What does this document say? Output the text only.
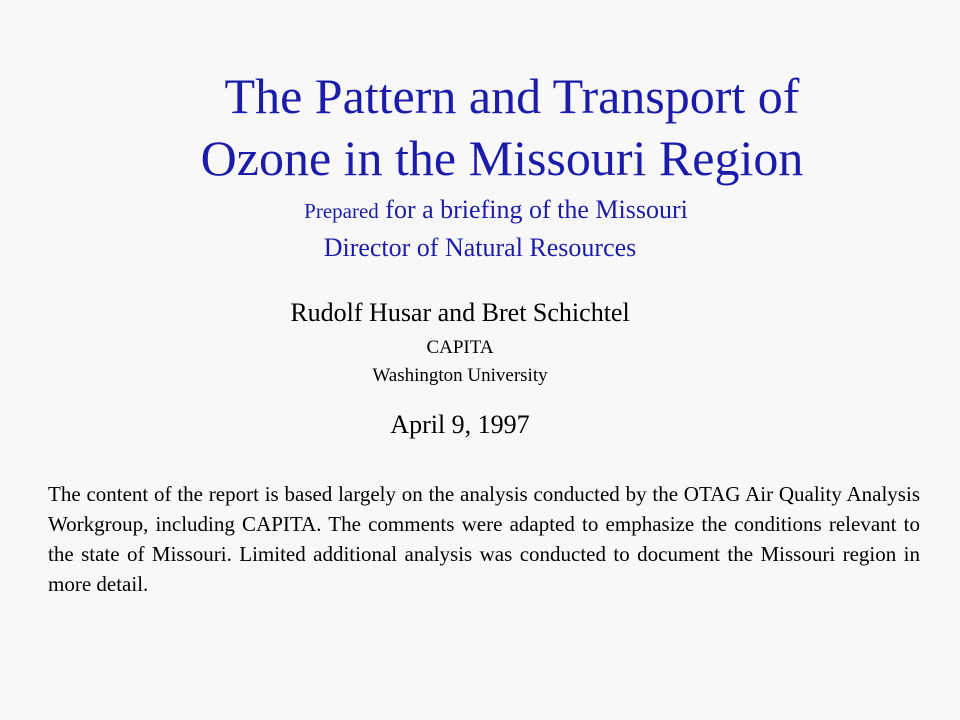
The Pattern and Transport of
Ozone in the Missouri Region
Prepared for a briefing of the Missouri
Director of Natural Resources
Rudolf Husar and Bret Schichtel
CAPITA
Washington University
April 9, 1997

The content of the report is based largely on the analysis conducted by the OTAG Air Quality Analysis Workgroup, including CAPITA. The comments were adapted to emphasize the conditions relevant to the state of Missouri. Limited additional analysis was conducted to document the Missouri region in more detail.
